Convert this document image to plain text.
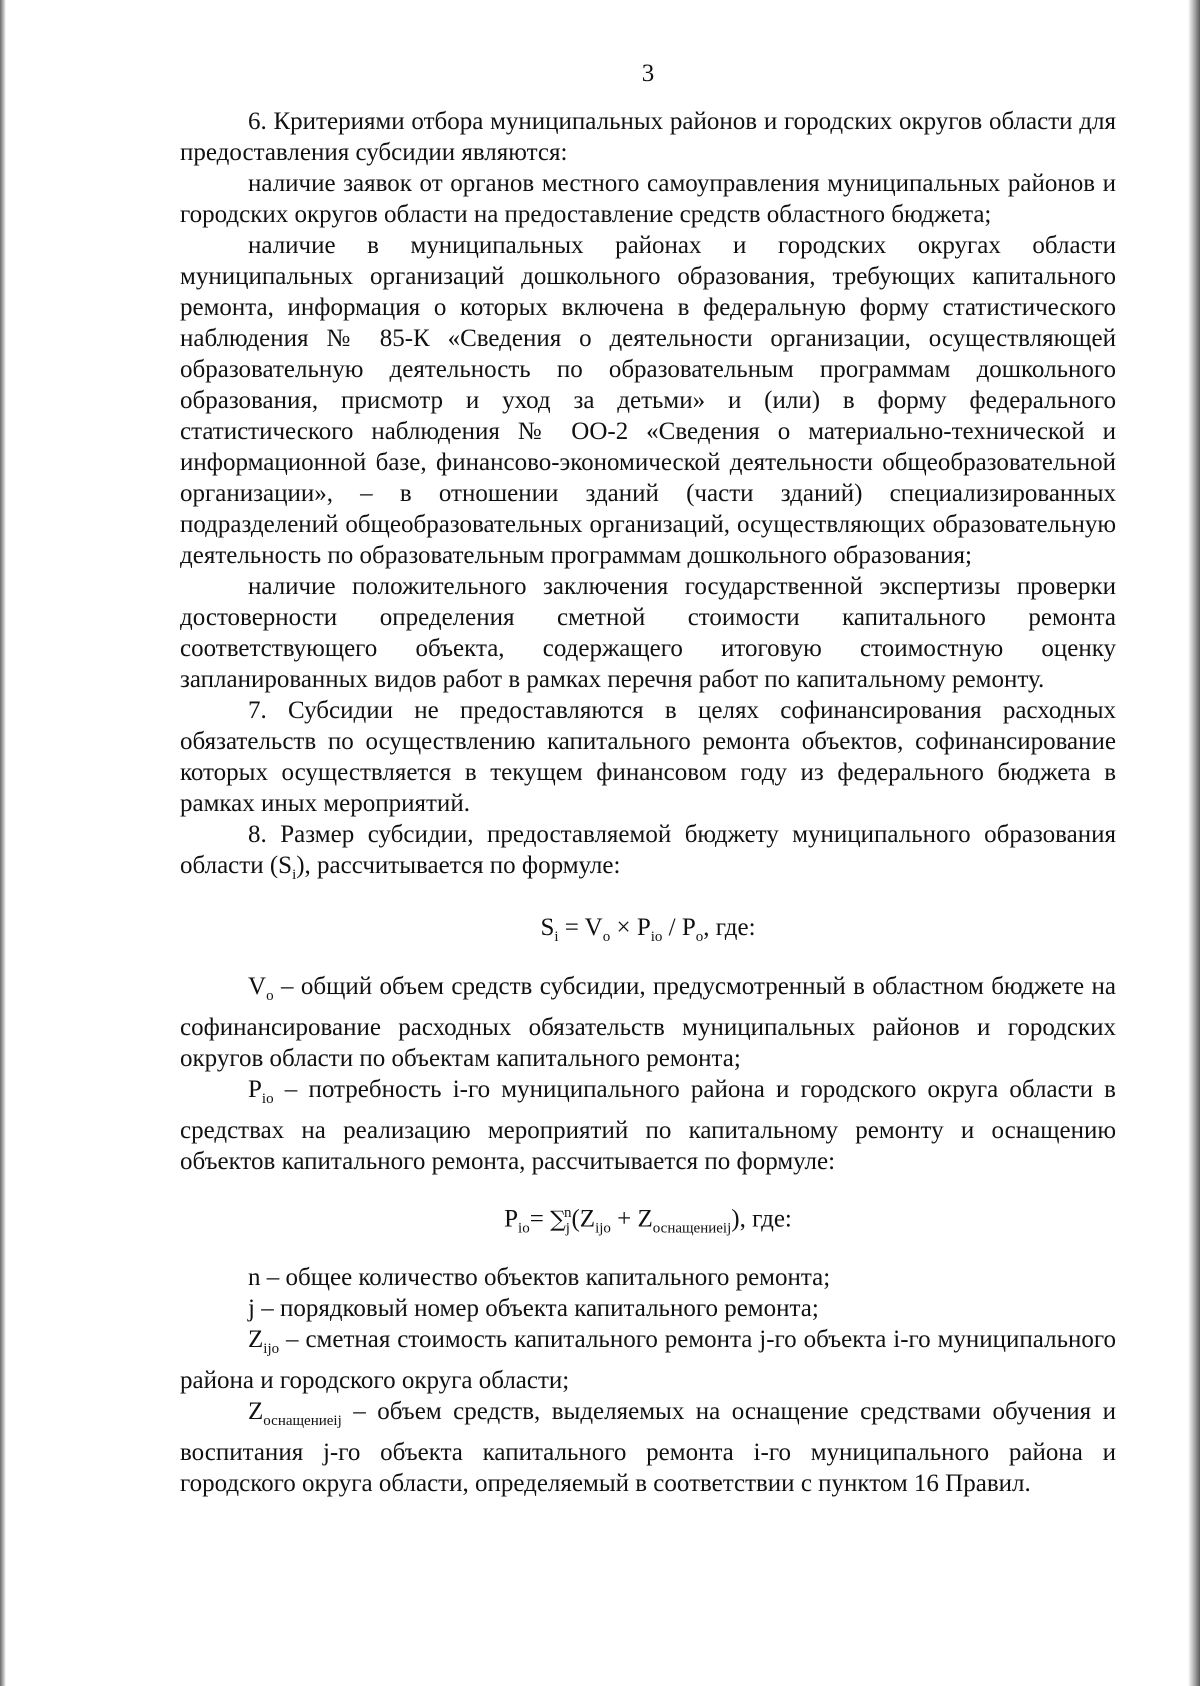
3

6. Критериями отбора муниципальных районов и городских округов области для предоставления субсидии являются:

наличие заявок от органов местного самоуправления муниципальных районов и городских округов области на предоставление средств областного бюджета;

наличие в муниципальных районах и городских округах области муниципальных организаций дошкольного образования, требующих капитального ремонта, информация о которых включена в федеральную форму статистического наблюдения № 85-К «Сведения о деятельности организации, осуществляющей образовательную деятельность по образовательным программам дошкольного образования, присмотр и уход за детьми» и (или) в форму федерального статистического наблюдения № ОО-2 «Сведения о материально-технической и информационной базе, финансово-экономической деятельности общеобразовательной организации», – в отношении зданий (части зданий) специализированных подразделений общеобразовательных организаций, осуществляющих образовательную деятельность по образовательным программам дошкольного образования;

наличие положительного заключения государственной экспертизы проверки достоверности определения сметной стоимости капитального ремонта соответствующего объекта, содержащего итоговую стоимостную оценку запланированных видов работ в рамках перечня работ по капитальному ремонту.

7. Субсидии не предоставляются в целях софинансирования расходных обязательств по осуществлению капитального ремонта объектов, софинансирование которых осуществляется в текущем финансовом году из федерального бюджета в рамках иных мероприятий.

8. Размер субсидии, предоставляемой бюджету муниципального образования области $(S_i)$, рассчитывается по формуле:

$S_i = V_o \times P_{io} / P_o$, где:

$V_o$ – общий объем средств субсидии, предусмотренный в областном бюджете на софинансирование расходных обязательств муниципальных районов и городских округов области по объектам капитального ремонта;

$P_{io}$ – потребность i-го муниципального района и городского округа области в средствах на реализацию мероприятий по капитальному ремонту и оснащению объектов капитального ремонта, рассчитывается по формуле:

$P_{io}= \sum_j^n(Z_{ijo} + Z_{оснащениеij})$, где:

n – общее количество объектов капитального ремонта;

j – порядковый номер объекта капитального ремонта;

$Z_{ijo}$ – сметная стоимость капитального ремонта j-го объекта i-го муниципального района и городского округа области;

$Z_{оснащениеij}$ – объем средств, выделяемых на оснащение средствами обучения и воспитания j-го объекта капитального ремонта i-го муниципального района и городского округа области, определяемый в соответствии с пунктом 16 Правил.
